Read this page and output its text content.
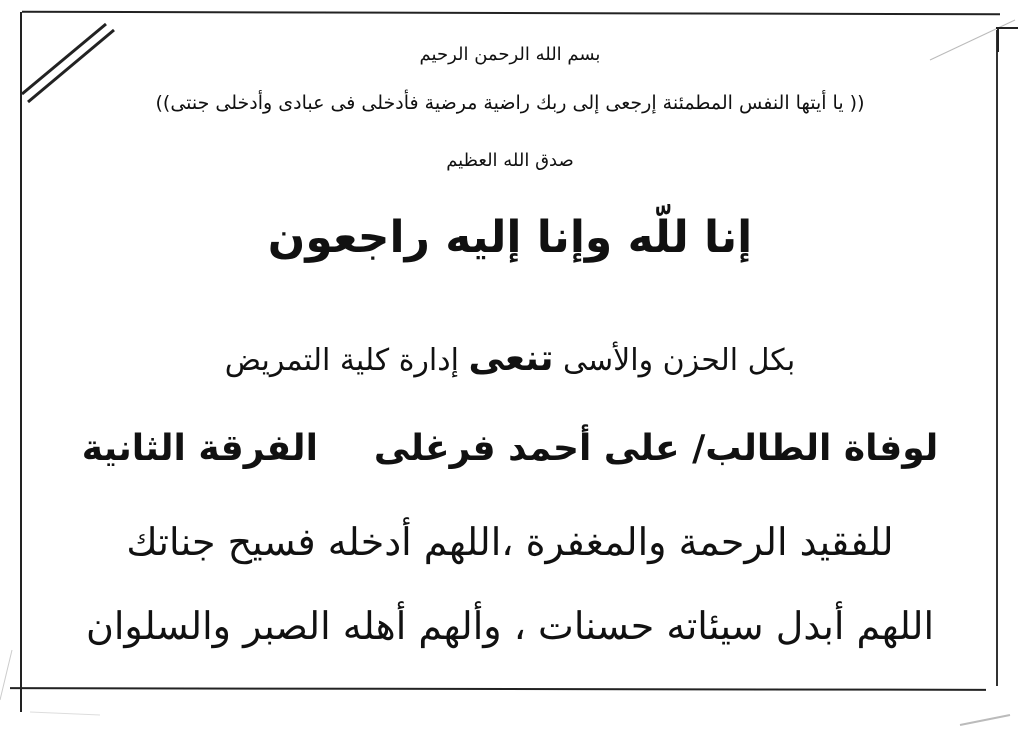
بسم الله الرحمن الرحيم
(( يا أيتها النفس المطمئنة إرجعى إلى ربك راضية مرضية فأدخلى فى عبادى وأدخلى جنتى))
صدق الله العظيم
إنا للّه وإنا إليه راجعون
بكل الحزن والأسى تنعى إدارة كلية التمريض
لوفاة الطالب/ على أحمد فرغلىالفرقة الثانية
للفقيد الرحمة والمغفرة ،اللهم أدخله فسيح جناتك
اللهم أبدل سيئاته حسنات ، وألهم أهله الصبر والسلوان
